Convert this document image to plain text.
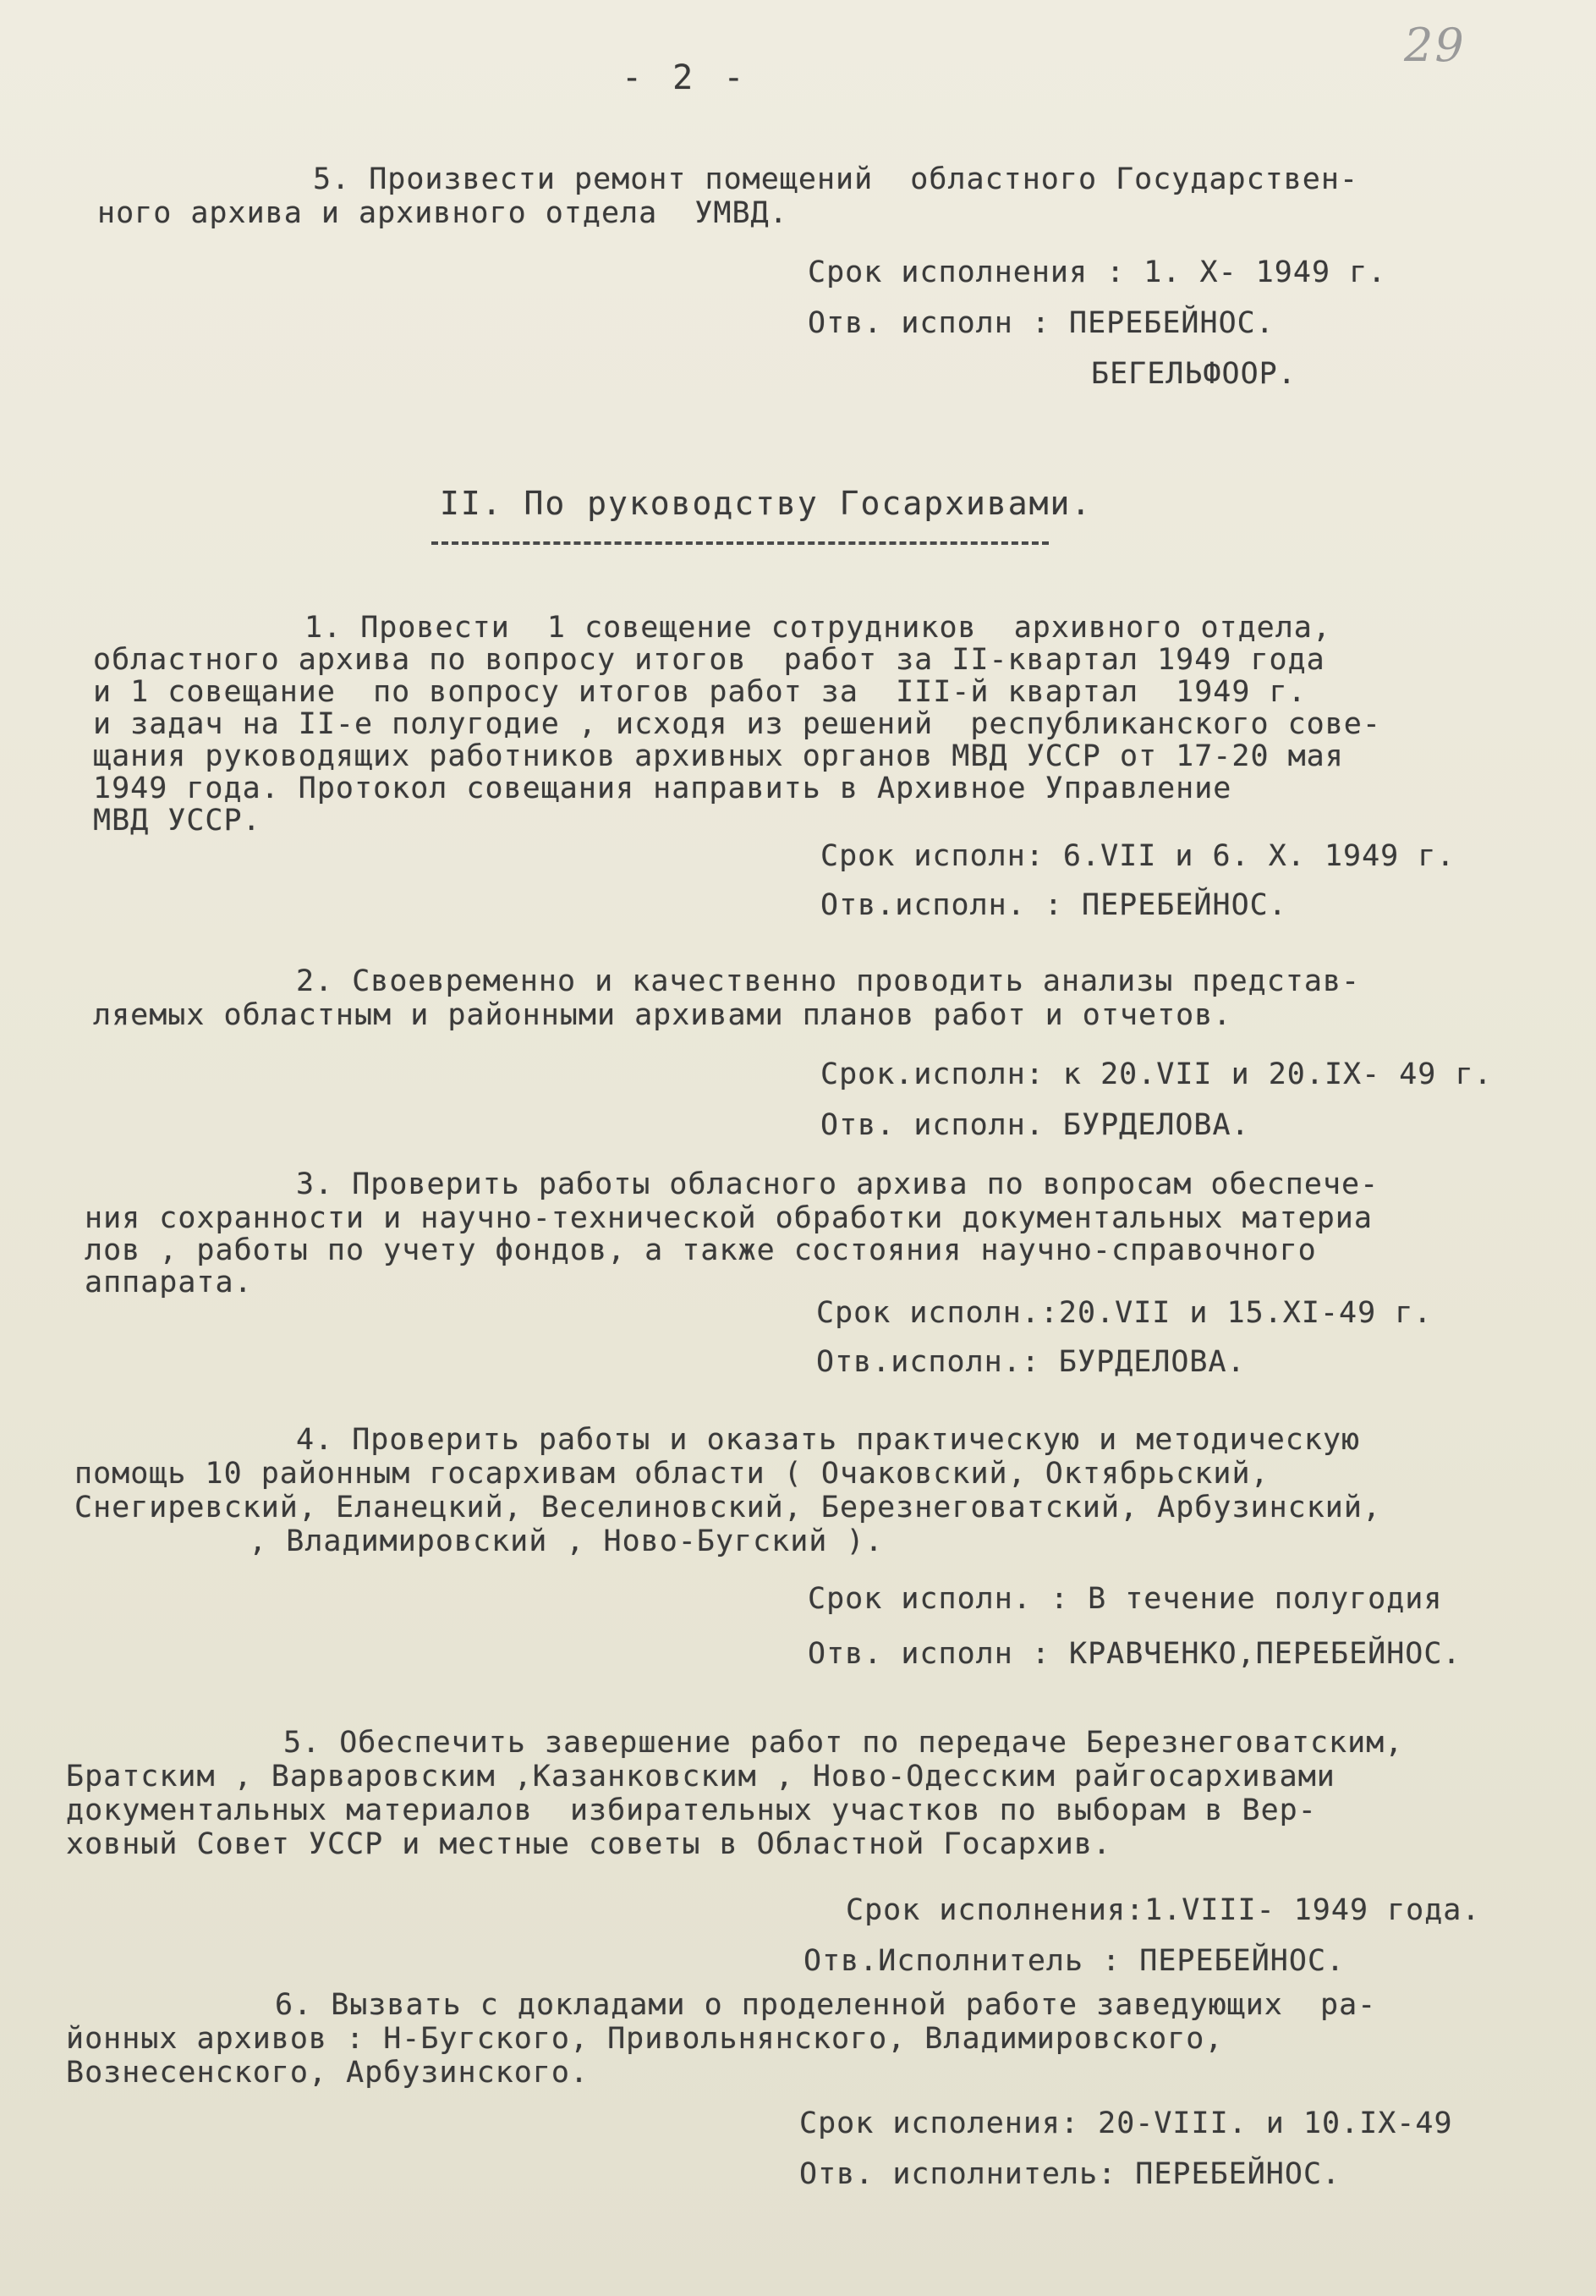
29
- 2 -
5. Произвести ремонт помещений  областного Государствен-
ного архива и архивного отдела  УМВД.
Срок исполнения : 1. Х- 1949 г.
Отв. исполн : ПЕРЕБЕЙНОС.
БЕГЕЛЬФООР.
II. По руководству Госархивами.
1. Провести  1 совещение сотрудников  архивного отдела,
областного архива по вопросу итогов  работ за II-квартал 1949 года
и 1 совещание  по вопросу итогов работ за  III-й квартал  1949 г.
и задач на II-е полугодие , исходя из решений  республиканского сове-
щания руководящих работников архивных органов МВД УССР от 17-20 мая
1949 года. Протокол совещания направить в Архивное Управление
МВД УССР.
Срок исполн: 6.VII и 6. Х. 1949 г.
Отв.исполн. : ПЕРЕБЕЙНОС.
2. Своевременно и качественно проводить анализы представ-
ляемых областным и районными архивами планов работ и отчетов.
Срок.исполн: к 20.VII и 20.IX- 49 г.
Отв. исполн. БУРДЕЛОВА.
3. Проверить работы обласного архива по вопросам обеспече-
ния сохранности и научно-технической обработки документальных материа
лов , работы по учету фондов, а также состояния научно-справочного
аппарата.
Срок исполн.:20.VII и 15.ХI-49 г.
Отв.исполн.: БУРДЕЛОВА.
4. Проверить работы и оказать практическую и методическую
помощь 10 районным госархивам области ( Очаковский, Октябрьский,
Снегиревский, Еланецкий, Веселиновский, Березнеговатский, Арбузинский,
, Владимировский , Ново-Бугский ).
Срок исполн. : В течение полугодия
Отв. исполн : КРАВЧЕНКО,ПЕРЕБЕЙНОС.
5. Обеспечить завершение работ по передаче Березнеговатским,
Братским , Варваровским ,Казанковским , Ново-Одесским райгосархивами
документальных материалов  избирательных участков по выборам в Вер-
ховный Совет УССР и местные советы в Областной Госархив.
Срок исполнения:1.VIII- 1949 года.
Отв.Исполнитель : ПЕРЕБЕЙНОС.
6. Вызвать с докладами о проделенной работе заведующих  ра-
йонных архивов : Н-Бугского, Привольнянского, Владимировского,
Вознесенского, Арбузинского.
Срок исполения: 20-VIII. и 10.IX-49
Отв. исполнитель: ПЕРЕБЕЙНОС.
